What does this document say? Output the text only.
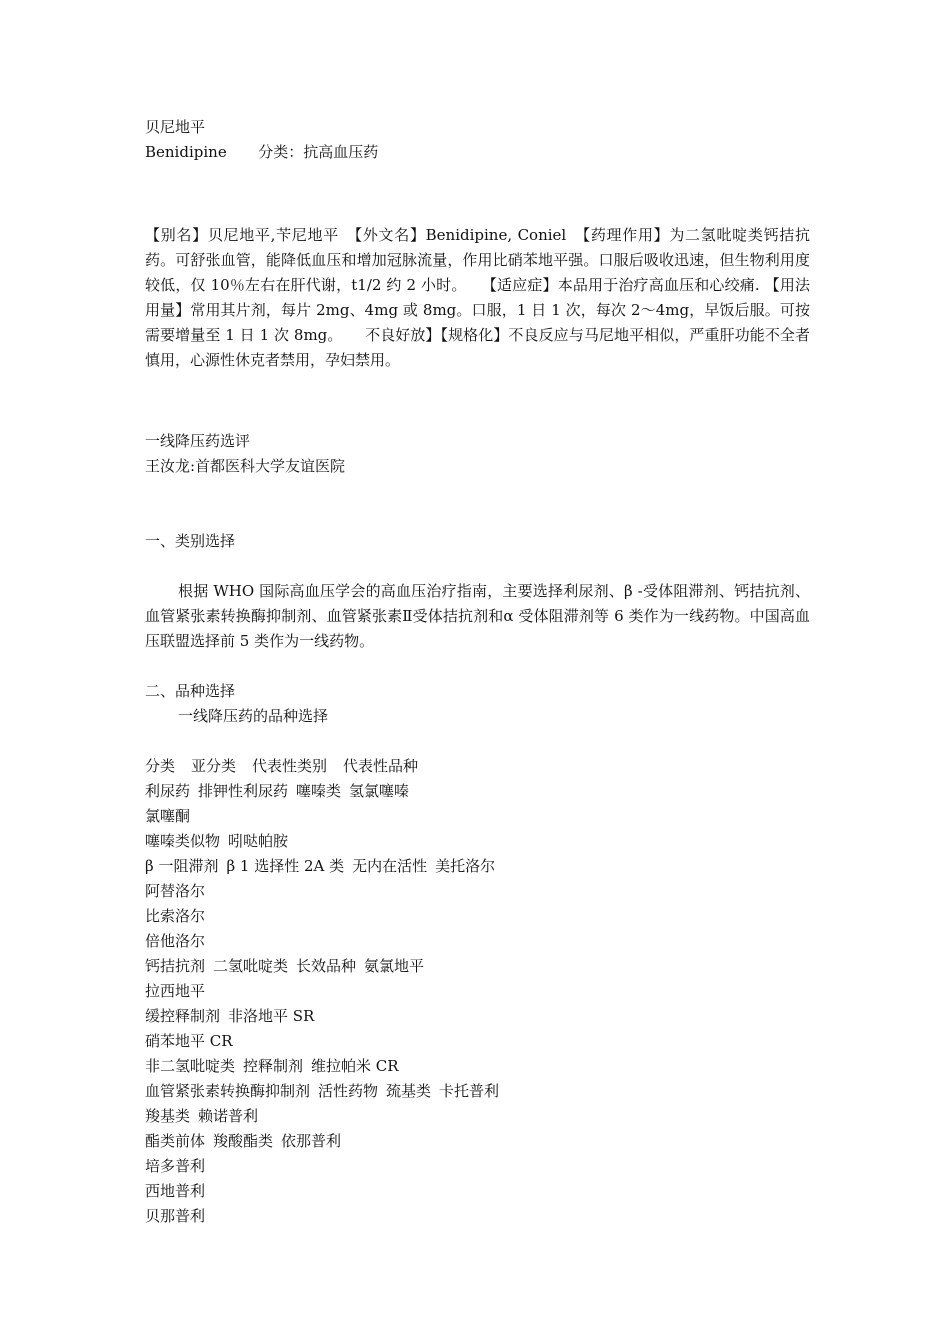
贝尼地平
Benidipine 分类：抗高血压药
【别名】贝尼地平,苄尼地平　【外文名】Benidipine, Coniel　【药理作用】为二氢吡啶类钙拮抗药。可舒张血管，能降低血压和增加冠脉流量，作用比硝苯地平强。口服后吸收迅速，但生物利用度较低，仅 10％左右在肝代谢，t1/2 约 2 小时。　　【适应症】本品用于治疗高血压和心绞痛. 【用法用量】常用其片剂，每片 2mg、4mg 或 8mg。口服，1 日 1 次，每次 2～4mg，早饭后服。可按需要增量至 1 日 1 次 8mg。　　不良好放】【规格化】不良反应与马尼地平相似，严重肝功能不全者慎用，心源性休克者禁用，孕妇禁用。
一线降压药选评
王汝龙:首都医科大学友谊医院
一、类别选择
根据 WHO 国际高血压学会的高血压治疗指南，主要选择利尿剂、β -受体阻滞剂、钙拮抗剂、血管紧张素转换酶抑制剂、血管紧张素Ⅱ受体拮抗剂和α 受体阻滞剂等 6 类作为一线药物。中国高血压联盟选择前 5 类作为一线药物。
二、品种选择
一线降压药的品种选择
分类 亚分类 代表性类别 代表性品种
利尿药 排钾性利尿药 噻嗪类 氢氯噻嗪
氯噻酮
噻嗪类似物 吲哒帕胺
β 一阻滞剂 β 1 选择性 2A 类 无内在活性 美托洛尔
阿替洛尔
比索洛尔
倍他洛尔
钙拮抗剂 二氢吡啶类 长效品种 氨氯地平
拉西地平
缓控释制剂 非洛地平 SR
硝苯地平 CR
非二氢吡啶类 控释制剂 维拉帕米 CR
血管紧张素转换酶抑制剂 活性药物 巯基类 卡托普利
羧基类 赖诺普利
酯类前体 羧酸酯类 依那普利
培多普利
西地普利
贝那普利
